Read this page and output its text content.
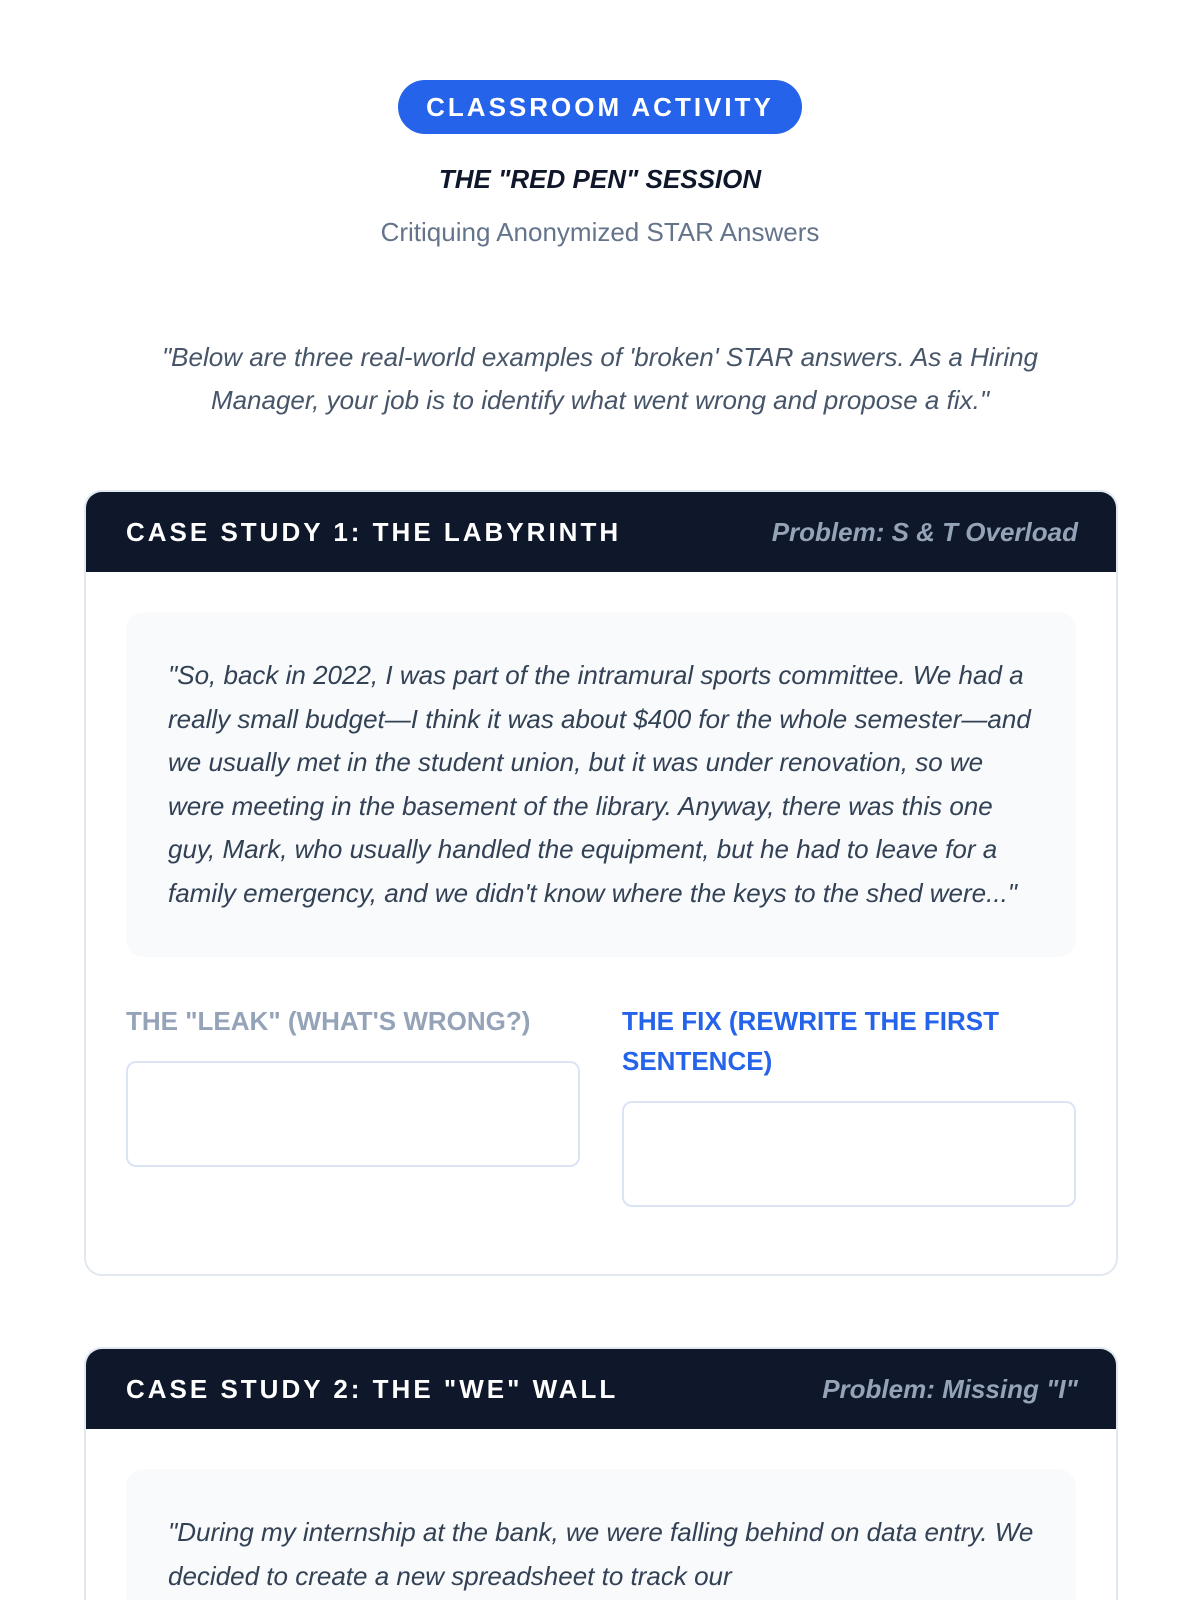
CLASSROOM ACTIVITY
THE "RED PEN" SESSION
Critiquing Anonymized STAR Answers
"Below are three real-world examples of 'broken' STAR answers. As a Hiring Manager, your job is to identify what went wrong and propose a fix."
CASE STUDY 1: THE LABYRINTH	Problem: S & T Overload
"So, back in 2022, I was part of the intramural sports committee. We had a really small budget—I think it was about $400 for the whole semester—and we usually met in the student union, but it was under renovation, so we were meeting in the basement of the library. Anyway, there was this one guy, Mark, who usually handled the equipment, but he had to leave for a family emergency, and we didn't know where the keys to the shed were..."
THE "LEAK" (WHAT'S WRONG?)	THE FIX (REWRITE THE FIRST SENTENCE)
CASE STUDY 2: THE "WE" WALL	Problem: Missing "I"
"During my internship at the bank, we were falling behind on data entry. We decided to create a new spreadsheet to track our
